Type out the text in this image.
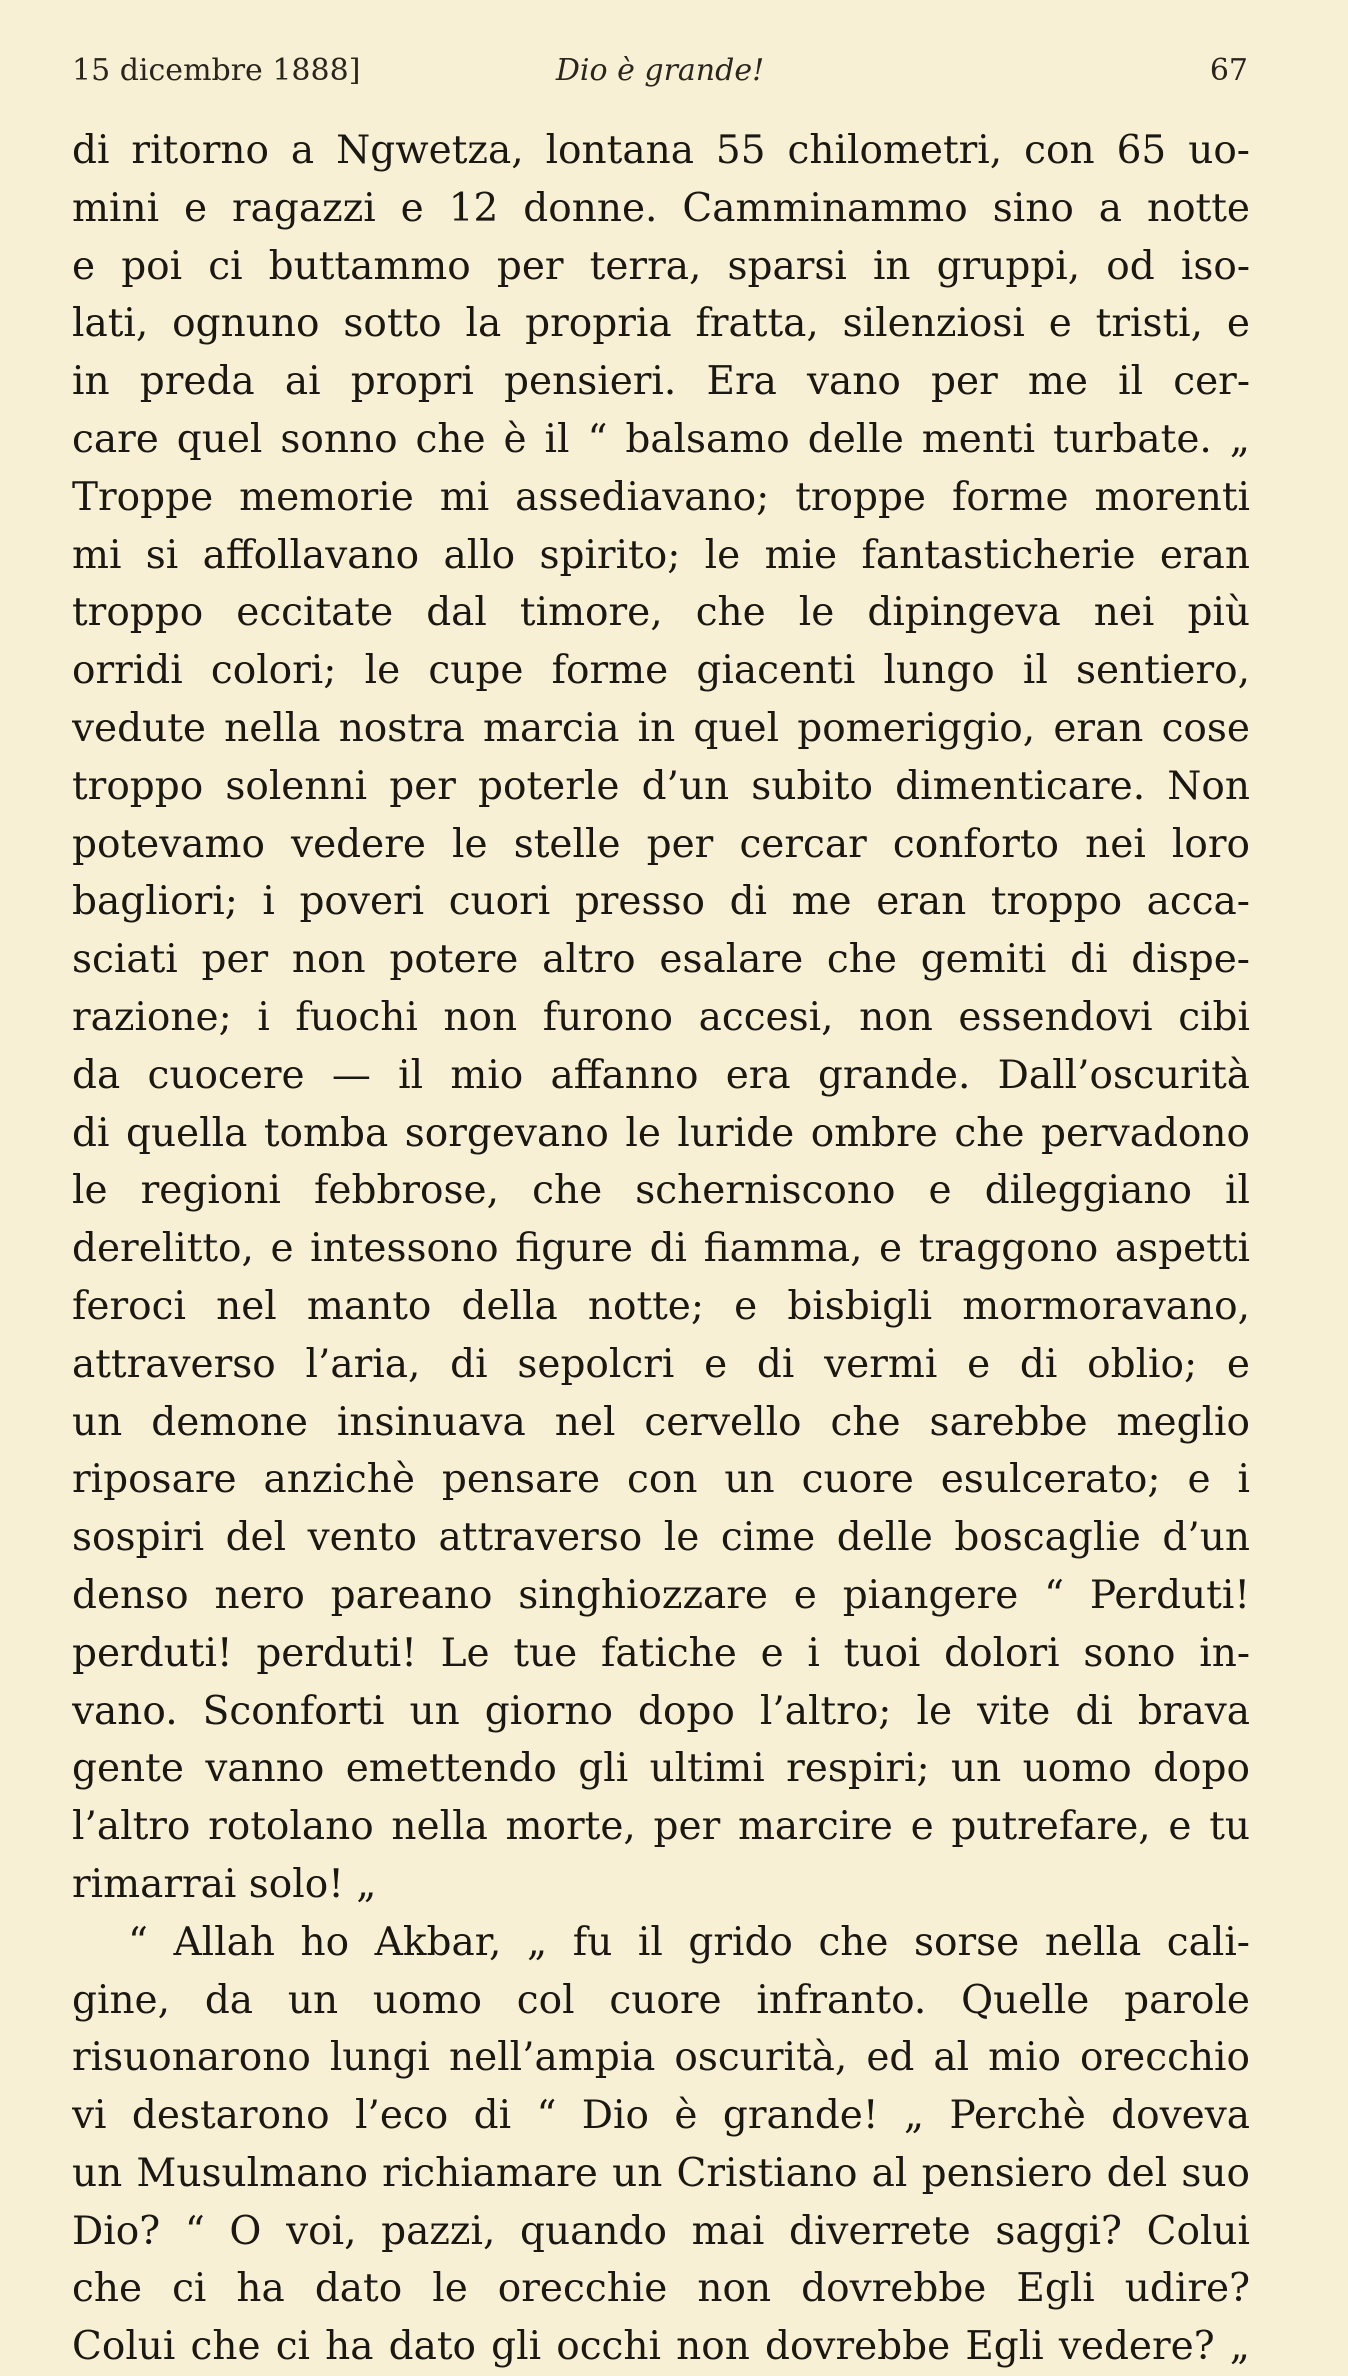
15 dicembre 1888]	Dio è grande!	67
di ritorno a Ngwetza, lontana 55 chilometri, con 65 uo-
mini e ragazzi e 12 donne. Camminammo sino a notte
e poi ci buttammo per terra, sparsi in gruppi, od iso-
lati, ognuno sotto la propria fratta, silenziosi e tristi, e
in preda ai propri pensieri. Era vano per me il cer-
care quel sonno che è il “ balsamo delle menti turbate. „
Troppe memorie mi assediavano; troppe forme morenti
mi si affollavano allo spirito; le mie fantasticherie eran
troppo eccitate dal timore, che le dipingeva nei più
orridi colori; le cupe forme giacenti lungo il sentiero,
vedute nella nostra marcia in quel pomeriggio, eran cose
troppo solenni per poterle d’un subito dimenticare. Non
potevamo vedere le stelle per cercar conforto nei loro
bagliori; i poveri cuori presso di me eran troppo acca-
sciati per non potere altro esalare che gemiti di dispe-
razione; i fuochi non furono accesi, non essendovi cibi
da cuocere — il mio affanno era grande. Dall’oscurità
di quella tomba sorgevano le luride ombre che pervadono
le regioni febbrose, che scherniscono e dileggiano il
derelitto, e intessono figure di fiamma, e traggono aspetti
feroci nel manto della notte; e bisbigli mormoravano,
attraverso l’aria, di sepolcri e di vermi e di oblio; e
un demone insinuava nel cervello che sarebbe meglio
riposare anzichè pensare con un cuore esulcerato; e i
sospiri del vento attraverso le cime delle boscaglie d’un
denso nero pareano singhiozzare e piangere “ Perduti!
perduti! perduti! Le tue fatiche e i tuoi dolori sono in-
vano. Sconforti un giorno dopo l’altro; le vite di brava
gente vanno emettendo gli ultimi respiri; un uomo dopo
l’altro rotolano nella morte, per marcire e putrefare, e tu
rimarrai solo! „
“ Allah ho Akbar, „ fu il grido che sorse nella cali-
gine, da un uomo col cuore infranto. Quelle parole
risuonarono lungi nell’ampia oscurità, ed al mio orecchio
vi destarono l’eco di “ Dio è grande! „ Perchè doveva
un Musulmano richiamare un Cristiano al pensiero del suo
Dio? “ O voi, pazzi, quando mai diverrete saggi? Colui
che ci ha dato le orecchie non dovrebbe Egli udire?
Colui che ci ha dato gli occhi non dovrebbe Egli vedere? „
